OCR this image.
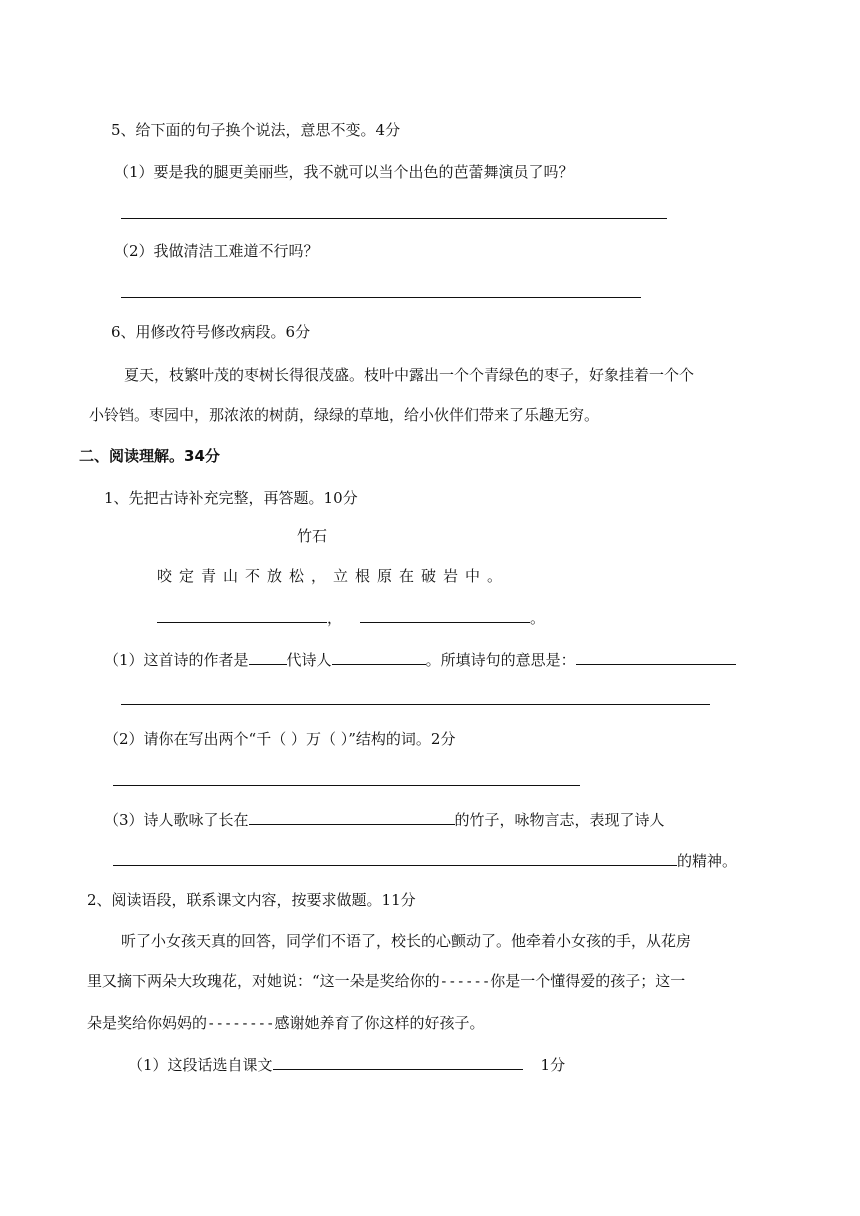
5、给下面的句子换个说法，意思不变。4分
（1）要是我的腿更美丽些，我不就可以当个出色的芭蕾舞演员了吗？
（2）我做清洁工难道不行吗？
6、用修改符号修改病段。6分
夏天，枝繁叶茂的枣树长得很茂盛。枝叶中露出一个个青绿色的枣子，好象挂着一个个
小铃铛。枣园中，那浓浓的树荫，绿绿的草地，给小伙伴们带来了乐趣无穷。
二、阅读理解。34分
1、先把古诗补充完整，再答题。10分
竹石
咬定青山不放松，立根原在破岩中。
，	。
（1）这首诗的作者是	代诗人	。所填诗句的意思是：
（2）请你在写出两个“千（ ）万（ ）”结构的词。2分
（3）诗人歌咏了长在	的竹子，咏物言志，表现了诗人
的精神。
2、阅读语段，联系课文内容，按要求做题。11分
听了小女孩天真的回答，同学们不语了，校长的心颤动了。他牵着小女孩的手，从花房
里又摘下两朵大玫瑰花，对她说：“这一朵是奖给你的------你是一个懂得爱的孩子；这一
朵是奖给你妈妈的--------感谢她养育了你这样的好孩子。
（1）这段话选自课文	1分
